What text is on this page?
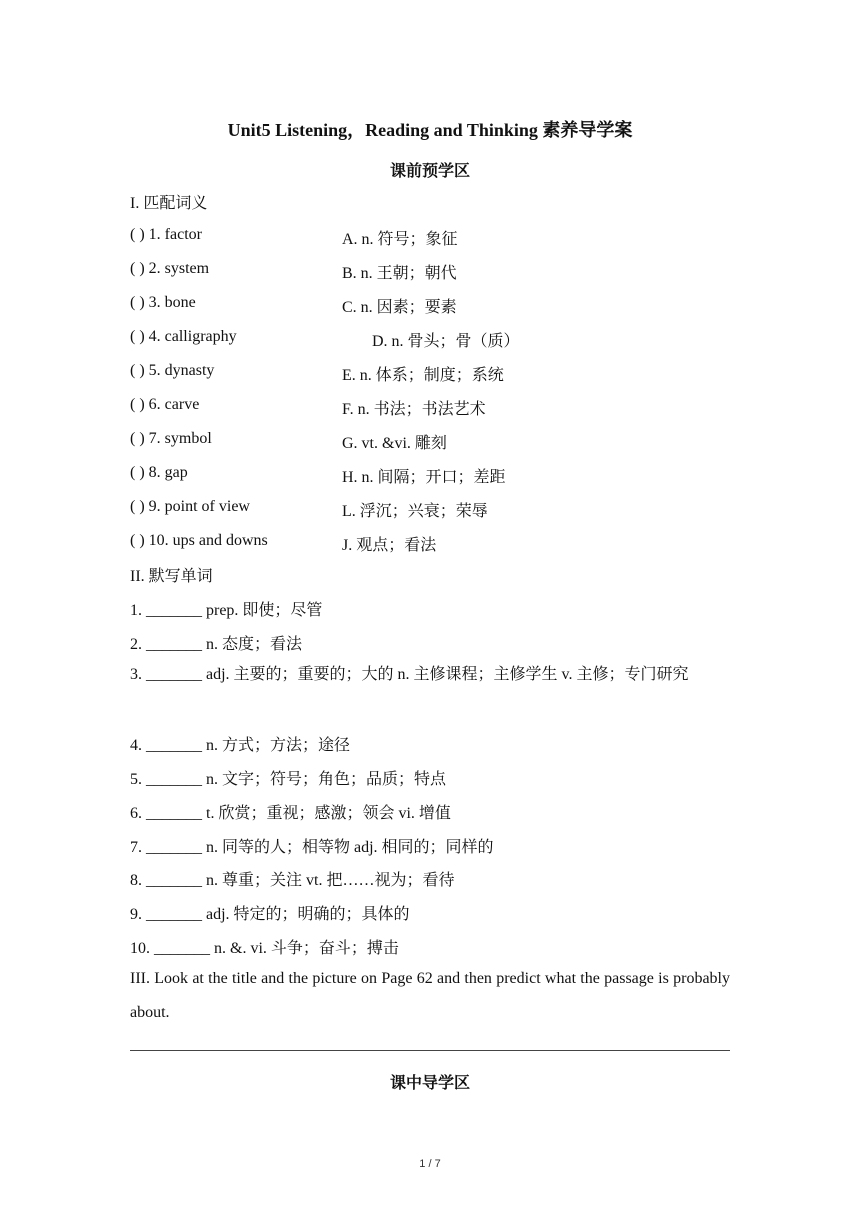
Unit5 Listening，Reading and Thinking 素养导学案
课前预学区
I. 匹配词义
( ) 1. factor	A. n. 符号；象征
( ) 2. system	B. n. 王朝；朝代
( ) 3. bone	C. n. 因素；要素
( ) 4. calligraphy	D. n. 骨头；骨（质）
( ) 5. dynasty	E. n. 体系；制度；系统
( ) 6. carve	F. n. 书法；书法艺术
( ) 7. symbol	G. vt. &vi. 雕刻
( ) 8. gap	H. n. 间隔；开口；差距
( ) 9. point of view	L. 浮沉；兴衰；荣辱
( ) 10. ups and downs	J. 观点；看法
II. 默写单词
1. _______ prep. 即使；尽管
2. _______ n. 态度；看法
3. _______ adj. 主要的；重要的；大的 n. 主修课程；主修学生 v. 主修；专门研究
4. _______ n. 方式；方法；途径
5. _______ n. 文字；符号；角色；品质；特点
6. _______ t. 欣赏；重视；感激；领会 vi. 增值
7. _______ n. 同等的人；相等物 adj. 相同的；同样的
8. _______ n. 尊重；关注 vt. 把……视为；看待
9. _______ adj. 特定的；明确的；具体的
10. _______ n. &. vi. 斗争；奋斗；搏击
III. Look at the title and the picture on Page 62 and then predict what the passage is probably about.
课中导学区
1 / 7
